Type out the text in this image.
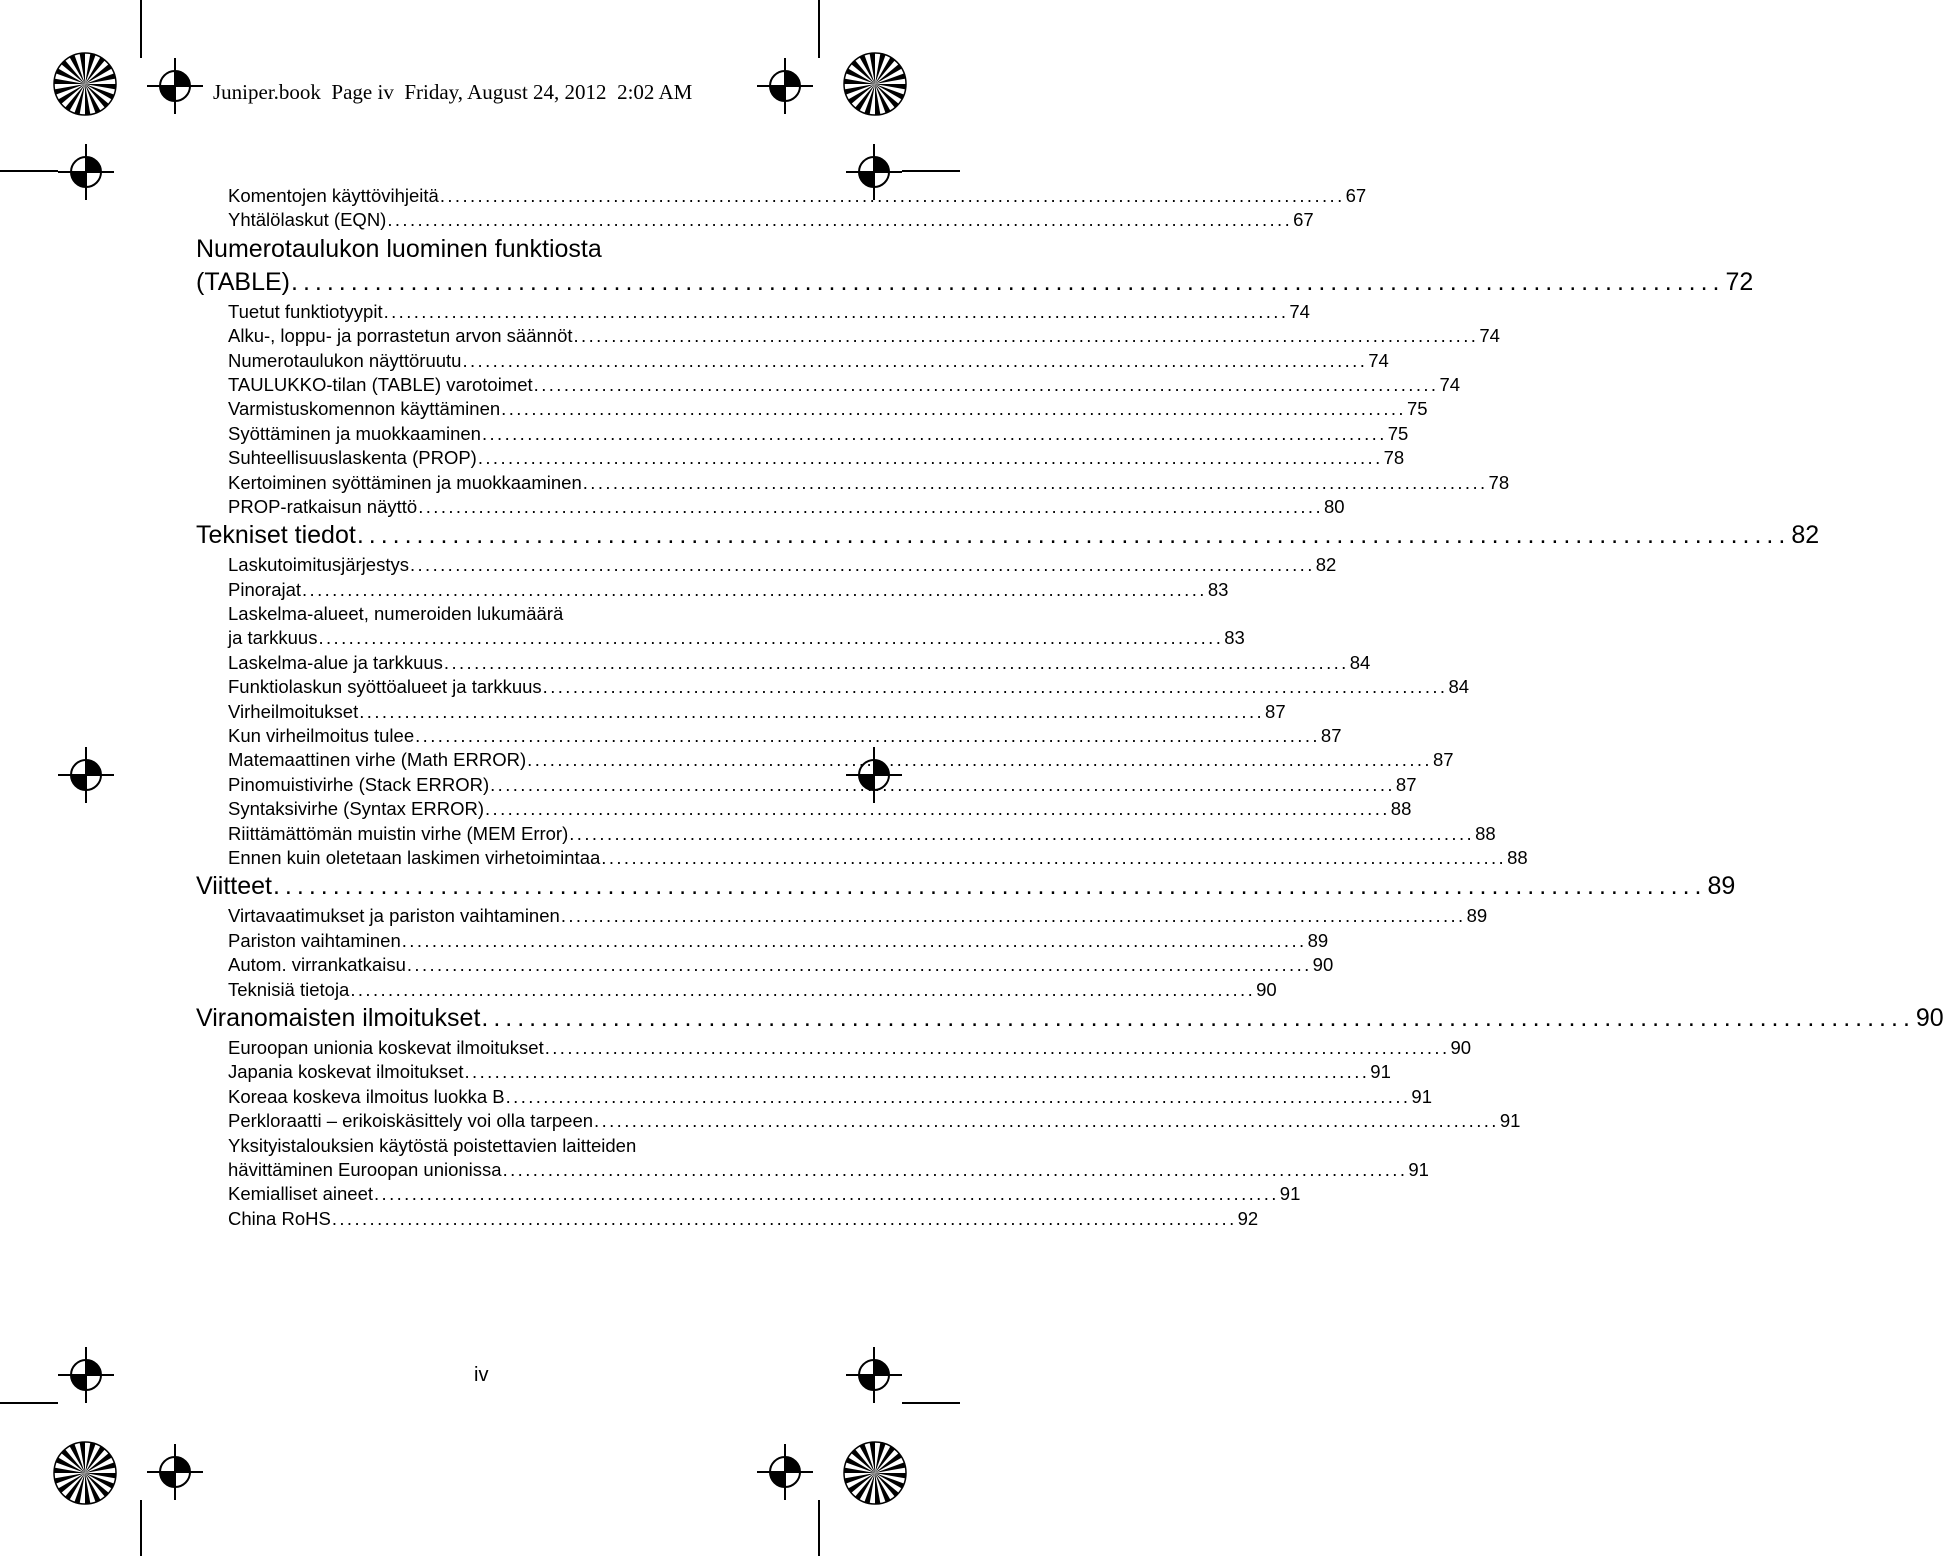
Juniper.book Page iv Friday, August 24, 2012 2:02 AM
Komentojen käyttövihjeitä ........................................................................................................................ 67
Yhtälölaskut (EQN) ........................................................................................................................ 67
Numerotaulukon luominen funktiosta
(TABLE) ........................................................................................................................ 72
Tuetut funktiotyypit ........................................................................................................................ 74
Alku-, loppu- ja porrastetun arvon säännöt ........................................................................................................................ 74
Numerotaulukon näyttöruutu ........................................................................................................................ 74
TAULUKKO-tilan (TABLE) varotoimet ........................................................................................................................ 74
Varmistuskomennon käyttäminen ........................................................................................................................ 75
Syöttäminen ja muokkaaminen ........................................................................................................................ 75
Suhteellisuuslaskenta (PROP) ........................................................................................................................ 78
Kertoiminen syöttäminen ja muokkaaminen ........................................................................................................................ 78
PROP-ratkaisun näyttö ........................................................................................................................ 80
Tekniset tiedot ........................................................................................................................ 82
Laskutoimitusjärjestys ........................................................................................................................ 82
Pinorajat ........................................................................................................................ 83
Laskelma-alueet, numeroiden lukumäärä
ja tarkkuus ........................................................................................................................ 83
Laskelma-alue ja tarkkuus ........................................................................................................................ 84
Funktiolaskun syöttöalueet ja tarkkuus ........................................................................................................................ 84
Virheilmoitukset ........................................................................................................................ 87
Kun virheilmoitus tulee ........................................................................................................................ 87
Matemaattinen virhe (Math ERROR) ........................................................................................................................ 87
Pinomuistivirhe (Stack ERROR) ........................................................................................................................ 87
Syntaksivirhe (Syntax ERROR) ........................................................................................................................ 88
Riittämättömän muistin virhe (MEM Error) ........................................................................................................................ 88
Ennen kuin oletetaan laskimen virhetoimintaa ........................................................................................................................ 88
Viitteet ........................................................................................................................ 89
Virtavaatimukset ja pariston vaihtaminen ........................................................................................................................ 89
Pariston vaihtaminen ........................................................................................................................ 89
Autom. virrankatkaisu ........................................................................................................................ 90
Teknisiä tietoja ........................................................................................................................ 90
Viranomaisten ilmoitukset ........................................................................................................................ 90
Euroopan unionia koskevat ilmoitukset ........................................................................................................................ 90
Japania koskevat ilmoitukset ........................................................................................................................ 91
Koreaa koskeva ilmoitus luokka B ........................................................................................................................ 91
Perkloraatti – erikoiskäsittely voi olla tarpeen ........................................................................................................................ 91
Yksityistalouksien käytöstä poistettavien laitteiden
hävittäminen Euroopan unionissa ........................................................................................................................ 91
Kemialliset aineet ........................................................................................................................ 91
China RoHS ........................................................................................................................ 92
iv
